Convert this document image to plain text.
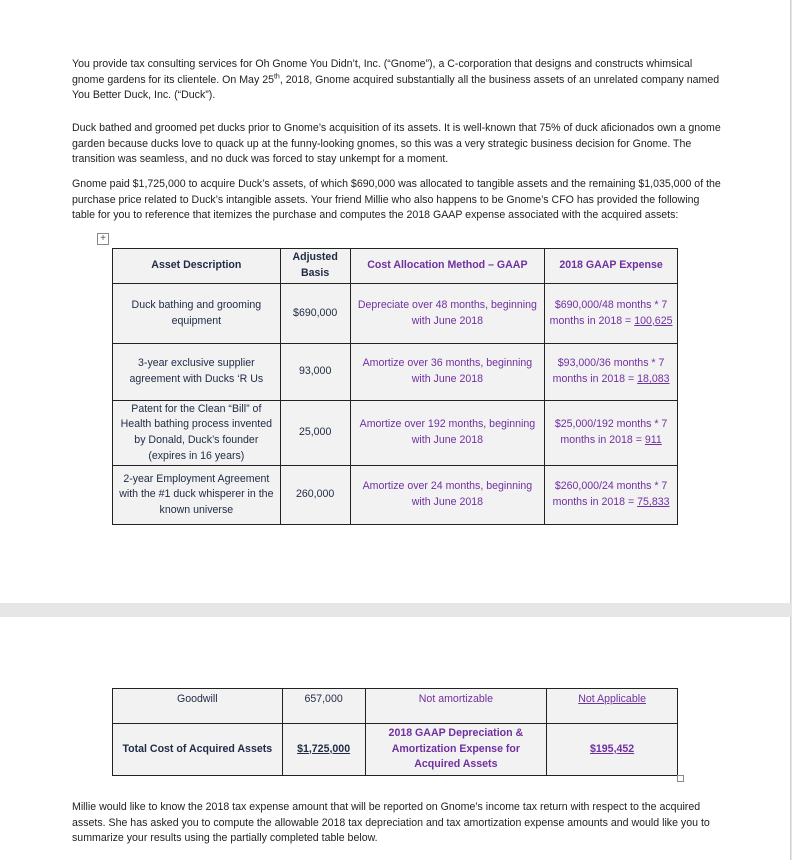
You provide tax consulting services for Oh Gnome You Didn’t, Inc. (“Gnome”), a C-corporation that designs and constructs whimsical gnome gardens for its clientele. On May 25th, 2018, Gnome acquired substantially all the business assets of an unrelated company named You Better Duck, Inc. (“Duck”).

Duck bathed and groomed pet ducks prior to Gnome’s acquisition of its assets. It is well-known that 75% of duck aficionados own a gnome garden because ducks love to quack up at the funny-looking gnomes, so this was a very strategic business decision for Gnome. The transition was seamless, and no duck was forced to stay unkempt for a moment.

Gnome paid $1,725,000 to acquire Duck’s assets, of which $690,000 was allocated to tangible assets and the remaining $1,035,000 of the purchase price related to Duck’s intangible assets. Your friend Millie who also happens to be Gnome’s CFO has provided the following table for you to reference that itemizes the purchase and computes the 2018 GAAP expense associated with the acquired assets:

+
Asset Description	Adjusted Basis	Cost Allocation Method – GAAP	2018 GAAP Expense
Duck bathing and grooming equipment	$690,000	Depreciate over 48 months, beginning with June 2018	$690,000/48 months * 7 months in 2018 = 100,625
3-year exclusive supplier agreement with Ducks ‘R Us	93,000	Amortize over 36 months, beginning with June 2018	$93,000/36 months * 7 months in 2018 = 18,083
Patent for the Clean “Bill” of Health bathing process invented by Donald, Duck’s founder (expires in 16 years)	25,000	Amortize over 192 months, beginning with June 2018	$25,000/192 months * 7 months in 2018 = 911
2-year Employment Agreement with the #1 duck whisperer in the known universe	260,000	Amortize over 24 months, beginning with June 2018	$260,000/24 months * 7 months in 2018 = 75,833
Goodwill	657,000	Not amortizable	Not Applicable
Total Cost of Acquired Assets	$1,725,000	2018 GAAP Depreciation & Amortization Expense for Acquired Assets	$195,452

Millie would like to know the 2018 tax expense amount that will be reported on Gnome’s income tax return with respect to the acquired assets. She has asked you to compute the allowable 2018 tax depreciation and tax amortization expense amounts and would like you to summarize your results using the partially completed table below.
